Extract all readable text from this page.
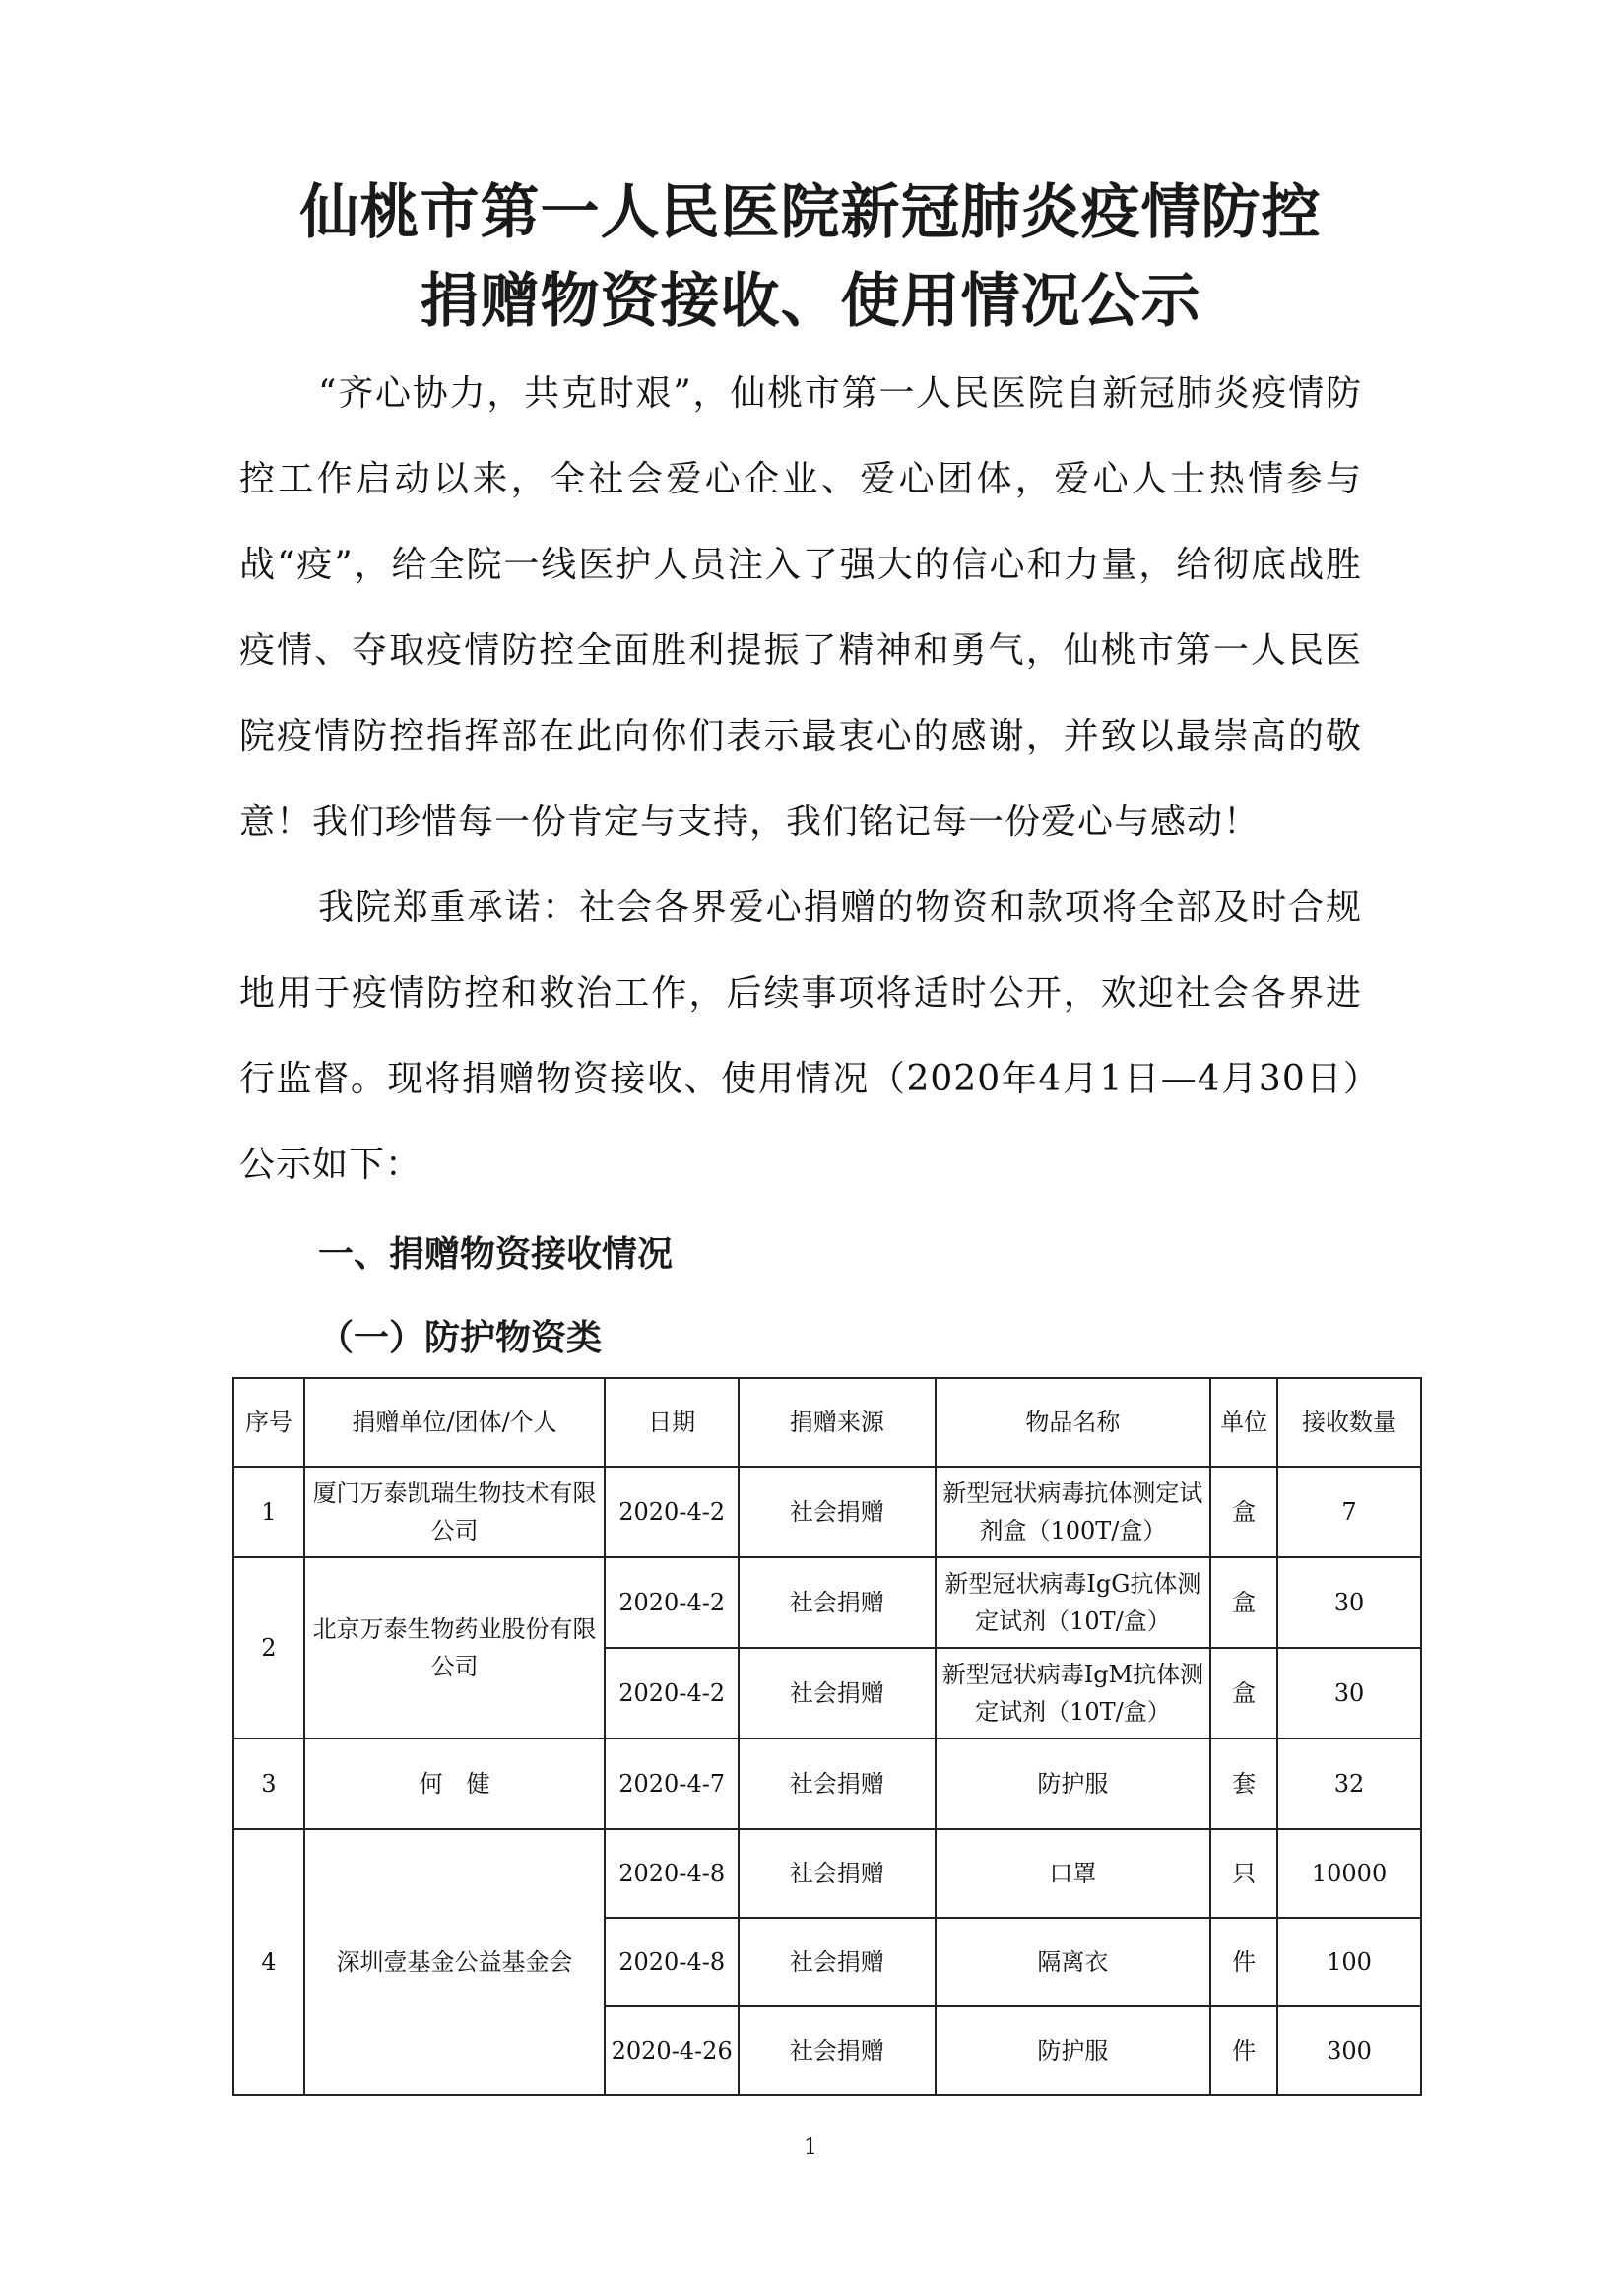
仙桃市第一人民医院新冠肺炎疫情防控
捐赠物资接收、使用情况公示

“齐心协力，共克时艰”，仙桃市第一人民医院自新冠肺炎疫情防控工作启动以来，全社会爱心企业、爱心团体，爱心人士热情参与战“疫”，给全院一线医护人员注入了强大的信心和力量，给彻底战胜疫情、夺取疫情防控全面胜利提振了精神和勇气，仙桃市第一人民医院疫情防控指挥部在此向你们表示最衷心的感谢，并致以最崇高的敬意！我们珍惜每一份肯定与支持，我们铭记每一份爱心与感动！

我院郑重承诺：社会各界爱心捐赠的物资和款项将全部及时合规地用于疫情防控和救治工作，后续事项将适时公开，欢迎社会各界进行监督。现将捐赠物资接收、使用情况（2020年4月1日—4月30日）公示如下：

一、捐赠物资接收情况
（一）防护物资类
序号	捐赠单位/团体/个人	日期	捐赠来源	物品名称	单位	接收数量
1	厦门万泰凯瑞生物技术有限公司	2020-4-2	社会捐赠	新型冠状病毒抗体测定试剂盒（100T/盒）	盒	7
2	北京万泰生物药业股份有限公司	2020-4-2	社会捐赠	新型冠状病毒IgG抗体测定试剂（10T/盒）	盒	30
		2020-4-2	社会捐赠	新型冠状病毒IgM抗体测定试剂（10T/盒）	盒	30
3	何　健	2020-4-7	社会捐赠	防护服	套	32
4	深圳壹基金公益基金会	2020-4-8	社会捐赠	口罩	只	10000
		2020-4-8	社会捐赠	隔离衣	件	100
		2020-4-26	社会捐赠	防护服	件	300
1
